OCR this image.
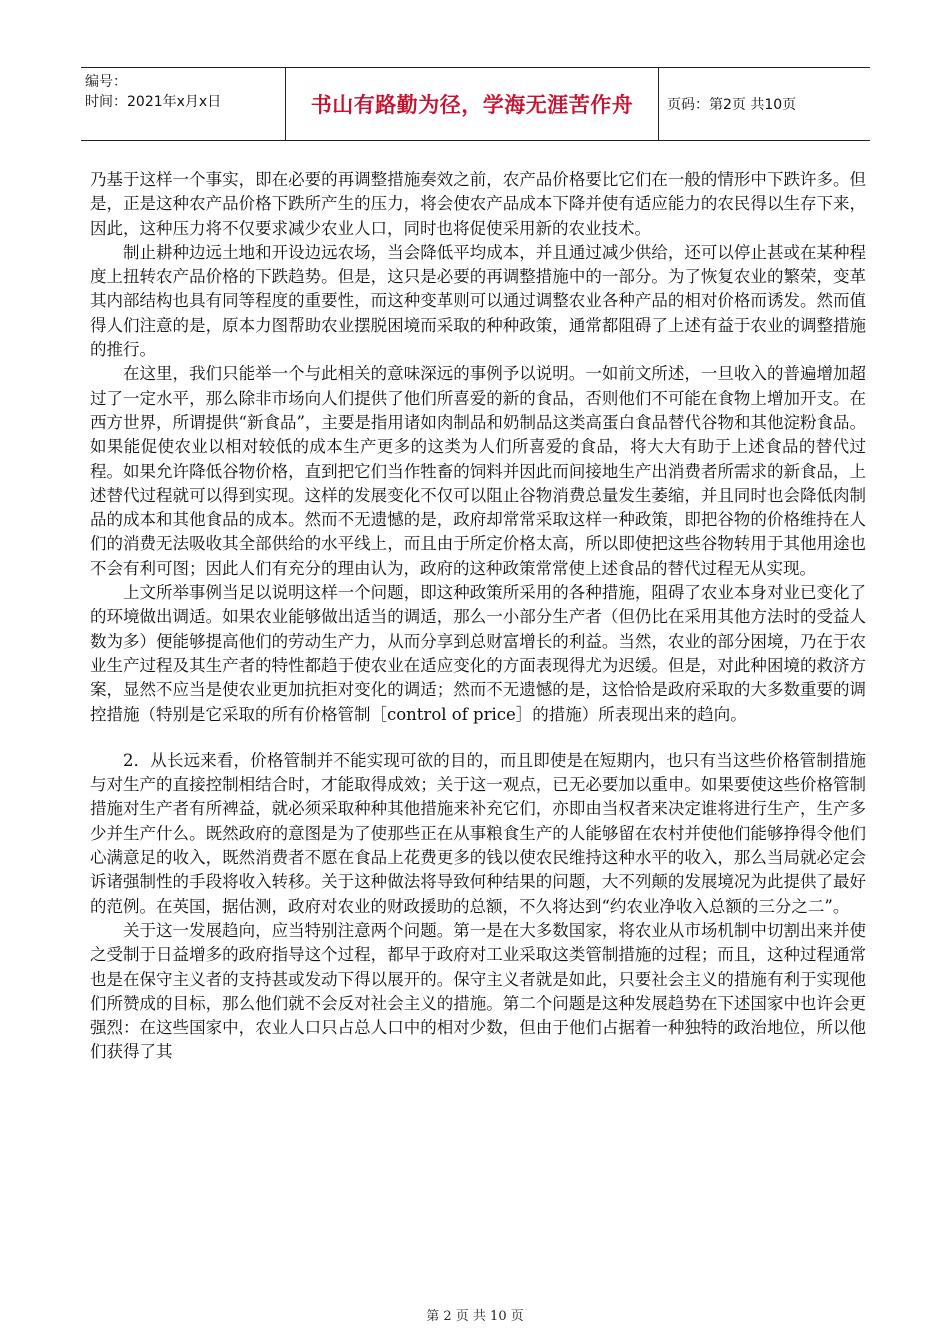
编号：
时间：2021年x月x日	书山有路勤为径，学海无涯苦作舟 页码：第2页 共10页

乃基于这样一个事实，即在必要的再调整措施奏效之前，农产品价格要比它们在一般的情形中下跌许多。但是，正是这种农产品价格下跌所产生的压力，将会使农产品成本下降并使有适应能力的农民得以生存下来，因此，这种压力将不仅要求减少农业人口，同时也将促使采用新的农业技术。

制止耕种边远土地和开设边远农场，当会降低平均成本，并且通过减少供给，还可以停止甚或在某种程度上扭转农产品价格的下跌趋势。但是，这只是必要的再调整措施中的一部分。为了恢复农业的繁荣，变革其内部结构也具有同等程度的重要性，而这种变革则可以通过调整农业各种产品的相对价格而诱发。然而值得人们注意的是，原本力图帮助农业摆脱困境而采取的种种政策，通常都阻碍了上述有益于农业的调整措施的推行。

在这里，我们只能举一个与此相关的意味深远的事例予以说明。一如前文所述，一旦收入的普遍增加超过了一定水平，那么除非市场向人们提供了他们所喜爱的新的食品，否则他们不可能在食物上增加开支。在西方世界，所谓提供“新食品”，主要是指用诸如肉制品和奶制品这类高蛋白食品替代谷物和其他淀粉食品。如果能促使农业以相对较低的成本生产更多的这类为人们所喜爱的食品，将大大有助于上述食品的替代过程。如果允许降低谷物价格，直到把它们当作牲畜的饲料并因此而间接地生产出消费者所需求的新食品，上述替代过程就可以得到实现。这样的发展变化不仅可以阻止谷物消费总量发生萎缩，并且同时也会降低肉制品的成本和其他食品的成本。然而不无遗憾的是，政府却常常采取这样一种政策，即把谷物的价格维持在人们的消费无法吸收其全部供给的水平线上，而且由于所定价格太高，所以即使把这些谷物转用于其他用途也不会有利可图；因此人们有充分的理由认为，政府的这种政策常常使上述食品的替代过程无从实现。

上文所举事例当足以说明这样一个问题，即这种政策所采用的各种措施，阻碍了农业本身对业已变化了的环境做出调适。如果农业能够做出适当的调适，那么一小部分生产者（但仍比在采用其他方法时的受益人数为多）便能够提高他们的劳动生产力，从而分享到总财富增长的利益。当然，农业的部分困境，乃在于农业生产过程及其生产者的特性都趋于使农业在适应变化的方面表现得尤为迟缓。但是，对此种困境的救济方案，显然不应当是使农业更加抗拒对变化的调适；然而不无遗憾的是，这恰恰是政府采取的大多数重要的调控措施（特别是它采取的所有价格管制［control of price］的措施）所表现出来的趋向。

2．从长远来看，价格管制并不能实现可欲的目的，而且即使是在短期内，也只有当这些价格管制措施与对生产的直接控制相结合时，才能取得成效；关于这一观点，已无必要加以重申。如果要使这些价格管制措施对生产者有所裨益，就必须采取种种其他措施来补充它们，亦即由当权者来决定谁将进行生产，生产多少并生产什么。既然政府的意图是为了使那些正在从事粮食生产的人能够留在农村并使他们能够挣得令他们心满意足的收入，既然消费者不愿在食品上花费更多的钱以使农民维持这种水平的收入，那么当局就必定会诉诸强制性的手段将收入转移。关于这种做法将导致何种结果的问题，大不列颠的发展境况为此提供了最好的范例。在英国，据估测，政府对农业的财政援助的总额，不久将达到“约农业净收入总额的三分之二”。

关于这一发展趋向，应当特别注意两个问题。第一是在大多数国家，将农业从市场机制中切割出来并使之受制于日益增多的政府指导这个过程，都早于政府对工业采取这类管制措施的过程；而且，这种过程通常也是在保守主义者的支持甚或发动下得以展开的。保守主义者就是如此，只要社会主义的措施有利于实现他们所赞成的目标，那么他们就不会反对社会主义的措施。第二个问题是这种发展趋势在下述国家中也许会更强烈：在这些国家中，农业人口只占总人口中的相对少数，但由于他们占据着一种独特的政治地位，所以他们获得了其

第 2 页 共 10 页
